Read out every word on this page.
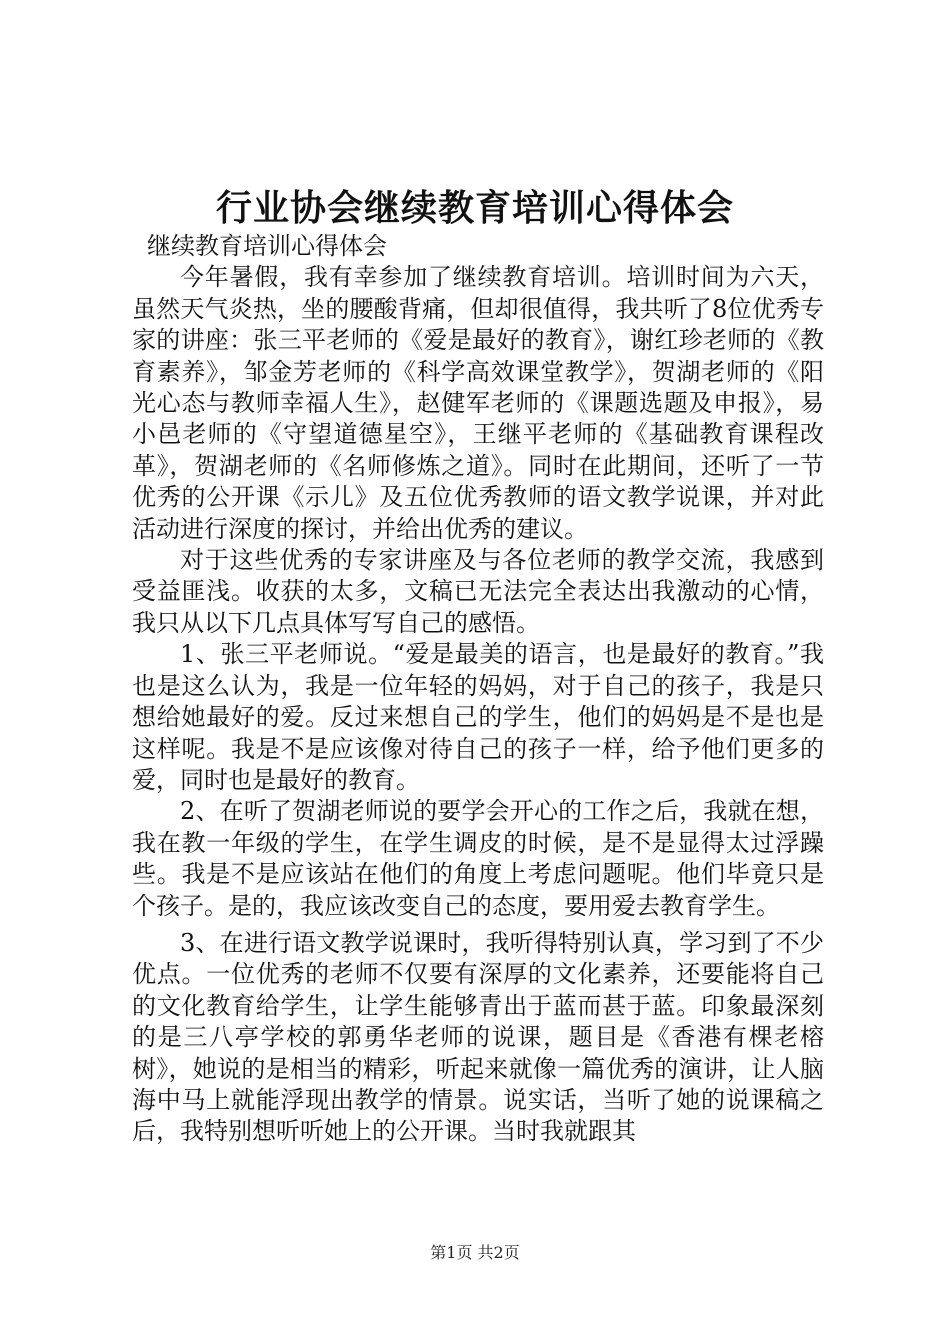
行业协会继续教育培训心得体会

继续教育培训心得体会

今年暑假，我有幸参加了继续教育培训。培训时间为六天，虽然天气炎热，坐的腰酸背痛，但却很值得，我共听了8位优秀专家的讲座：张三平老师的《爱是最好的教育》，谢红珍老师的《教育素养》，邹金芳老师的《科学高效课堂教学》，贺湖老师的《阳光心态与教师幸福人生》，赵健军老师的《课题选题及申报》，易小邑老师的《守望道德星空》，王继平老师的《基础教育课程改革》，贺湖老师的《名师修炼之道》。同时在此期间，还听了一节优秀的公开课《示儿》及五位优秀教师的语文教学说课，并对此活动进行深度的探讨，并给出优秀的建议。

对于这些优秀的专家讲座及与各位老师的教学交流，我感到受益匪浅。收获的太多，文稿已无法完全表达出我激动的心情，我只从以下几点具体写写自己的感悟。

1、张三平老师说。“爱是最美的语言，也是最好的教育。”我也是这么认为，我是一位年轻的妈妈，对于自己的孩子，我是只想给她最好的爱。反过来想自己的学生，他们的妈妈是不是也是这样呢。我是不是应该像对待自己的孩子一样，给予他们更多的爱，同时也是最好的教育。

2、在听了贺湖老师说的要学会开心的工作之后，我就在想，我在教一年级的学生，在学生调皮的时候，是不是显得太过浮躁些。我是不是应该站在他们的角度上考虑问题呢。他们毕竟只是个孩子。是的，我应该改变自己的态度，要用爱去教育学生。

3、在进行语文教学说课时，我听得特别认真，学习到了不少优点。一位优秀的老师不仅要有深厚的文化素养，还要能将自己的文化教育给学生，让学生能够青出于蓝而甚于蓝。印象最深刻的是三八亭学校的郭勇华老师的说课，题目是《香港有棵老榕树》，她说的是相当的精彩，听起来就像一篇优秀的演讲，让人脑海中马上就能浮现出教学的情景。说实话，当听了她的说课稿之后，我特别想听听她上的公开课。当时我就跟其

第1页 共2页
